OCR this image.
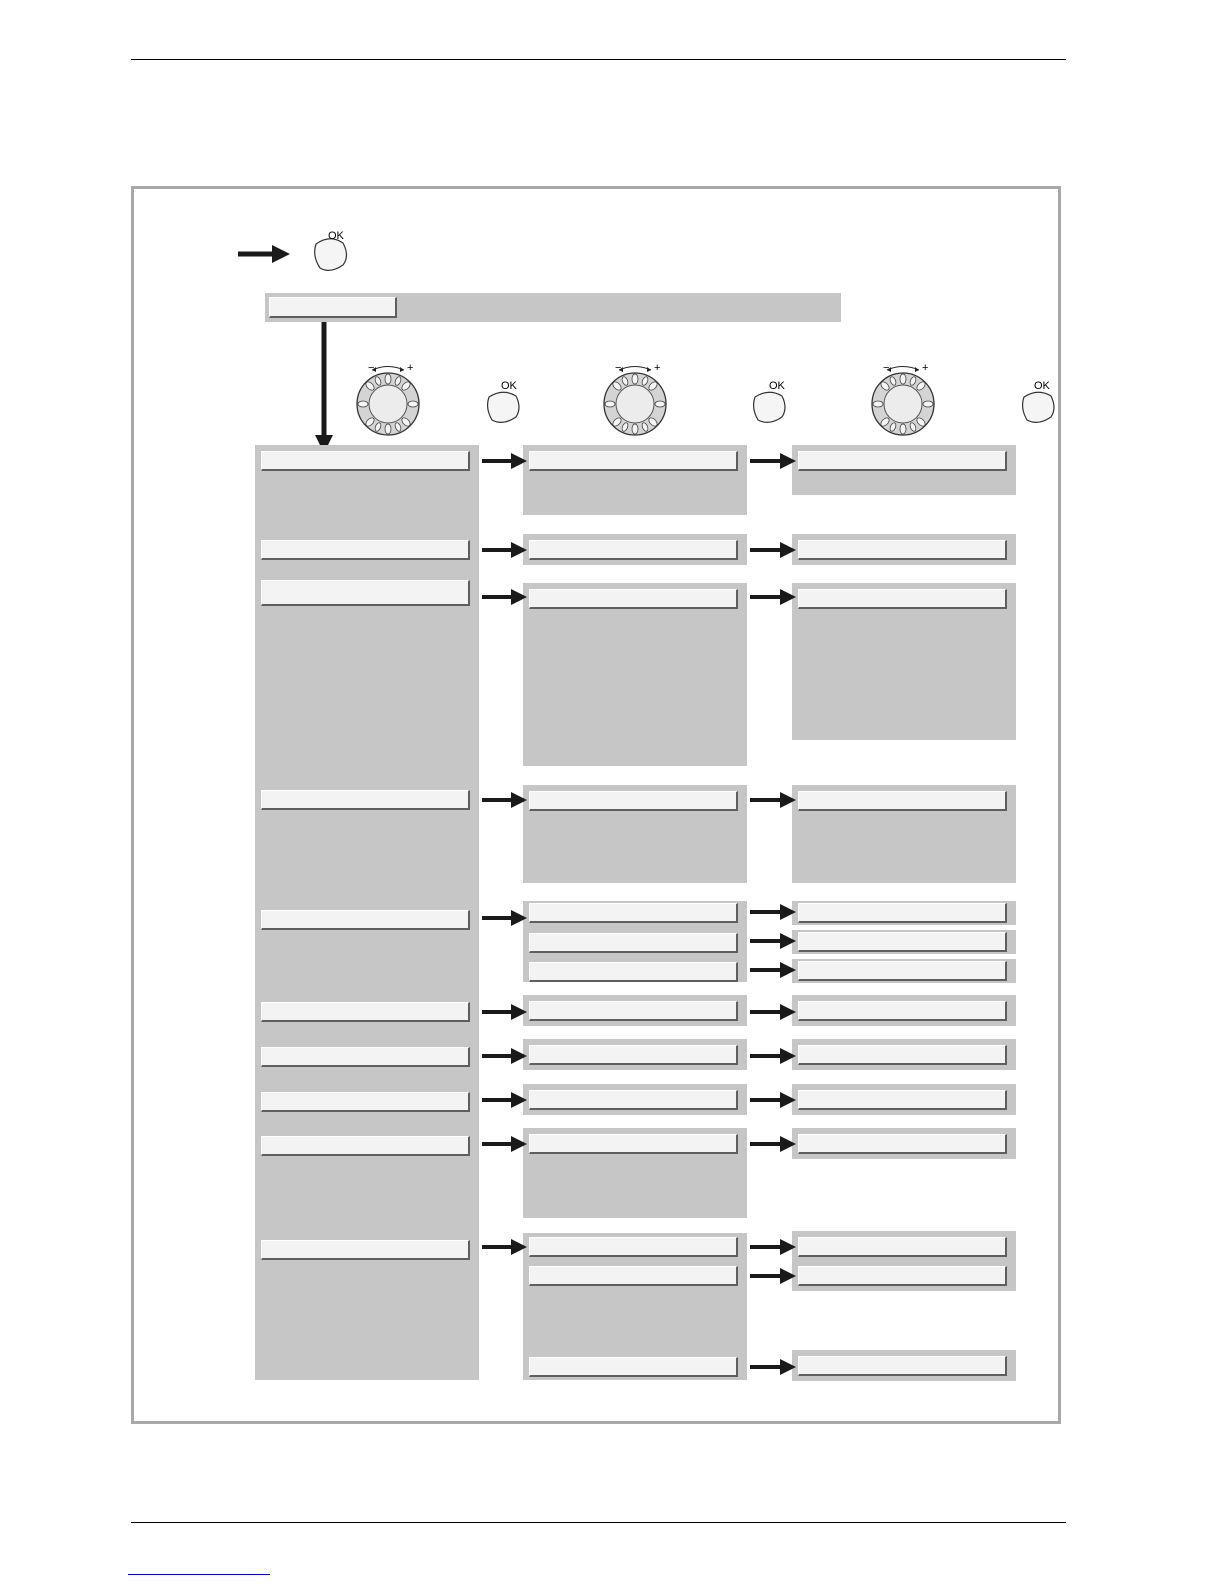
OK
OK	OK	OK
−	+	−	+	−	+
